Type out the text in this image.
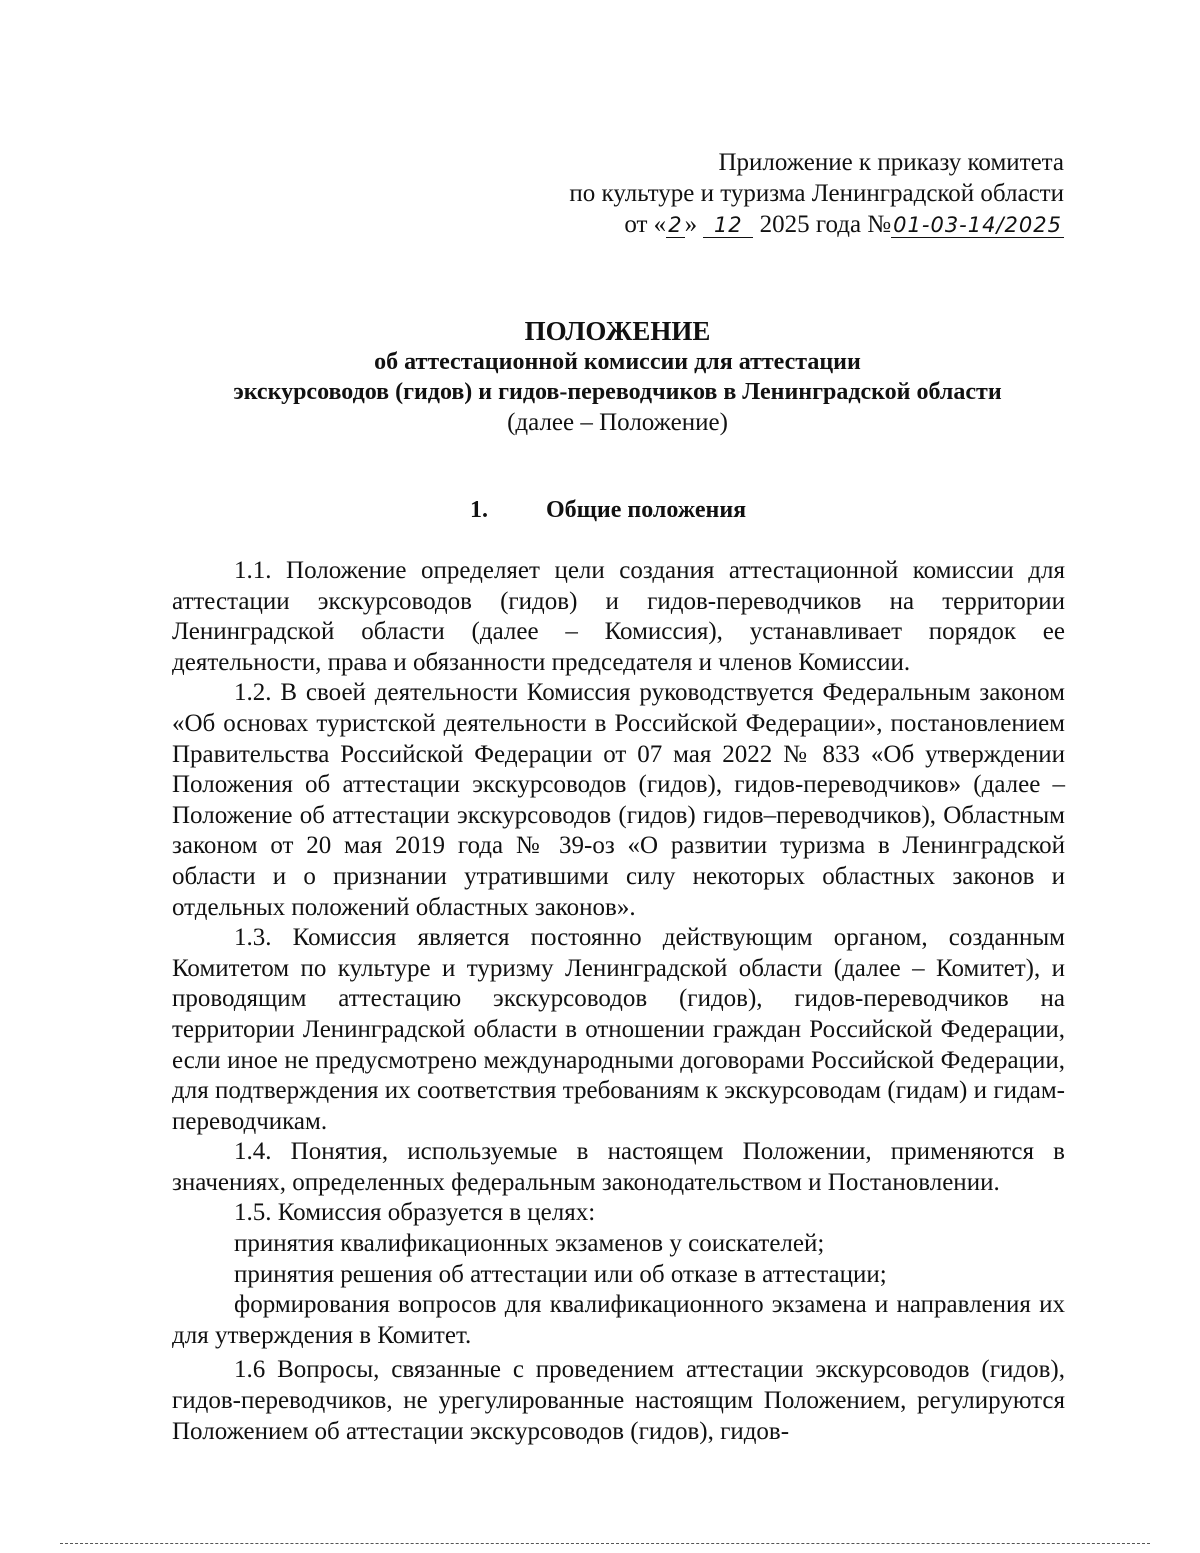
Приложение к приказу комитета
по культуре и туризма Ленинградской области
от «2» 12 2025 года №01-03-14/2025
ПОЛОЖЕНИЕ
об аттестационной комиссии для аттестации
экскурсоводов (гидов) и гидов-переводчиков в Ленинградской области
(далее – Положение)
1. Общие положения

1.1. Положение определяет цели создания аттестационной комиссии для аттестации экскурсоводов (гидов) и гидов-переводчиков на территории Ленинградской области (далее – Комиссия), устанавливает порядок ее деятельности, права и обязанности председателя и членов Комиссии.

1.2. В своей деятельности Комиссия руководствуется Федеральным законом «Об основах туристской деятельности в Российской Федерации», постановлением Правительства Российской Федерации от 07 мая 2022 № 833 «Об утверждении Положения об аттестации экскурсоводов (гидов), гидов-переводчиков» (далее – Положение об аттестации экскурсоводов (гидов) гидов–переводчиков), Областным законом от 20 мая 2019 года № 39-оз «О развитии туризма в Ленинградской области и о признании утратившими силу некоторых областных законов и отдельных положений областных законов».

1.3. Комиссия является постоянно действующим органом, созданным Комитетом по культуре и туризму Ленинградской области (далее – Комитет), и проводящим аттестацию экскурсоводов (гидов), гидов-переводчиков на территории Ленинградской области в отношении граждан Российской Федерации, если иное не предусмотрено международными договорами Российской Федерации, для подтверждения их соответствия требованиям к экскурсоводам (гидам) и гидам-переводчикам.

1.4. Понятия, используемые в настоящем Положении, применяются в значениях, определенных федеральным законодательством и Постановлении.

1.5. Комиссия образуется в целях:

принятия квалификационных экзаменов у соискателей;

принятия решения об аттестации или об отказе в аттестации;

формирования вопросов для квалификационного экзамена и направления их для утверждения в Комитет.

1.6 Вопросы, связанные с проведением аттестации экскурсоводов (гидов), гидов-переводчиков, не урегулированные настоящим Положением, регулируются Положением об аттестации экскурсоводов (гидов), гидов-
